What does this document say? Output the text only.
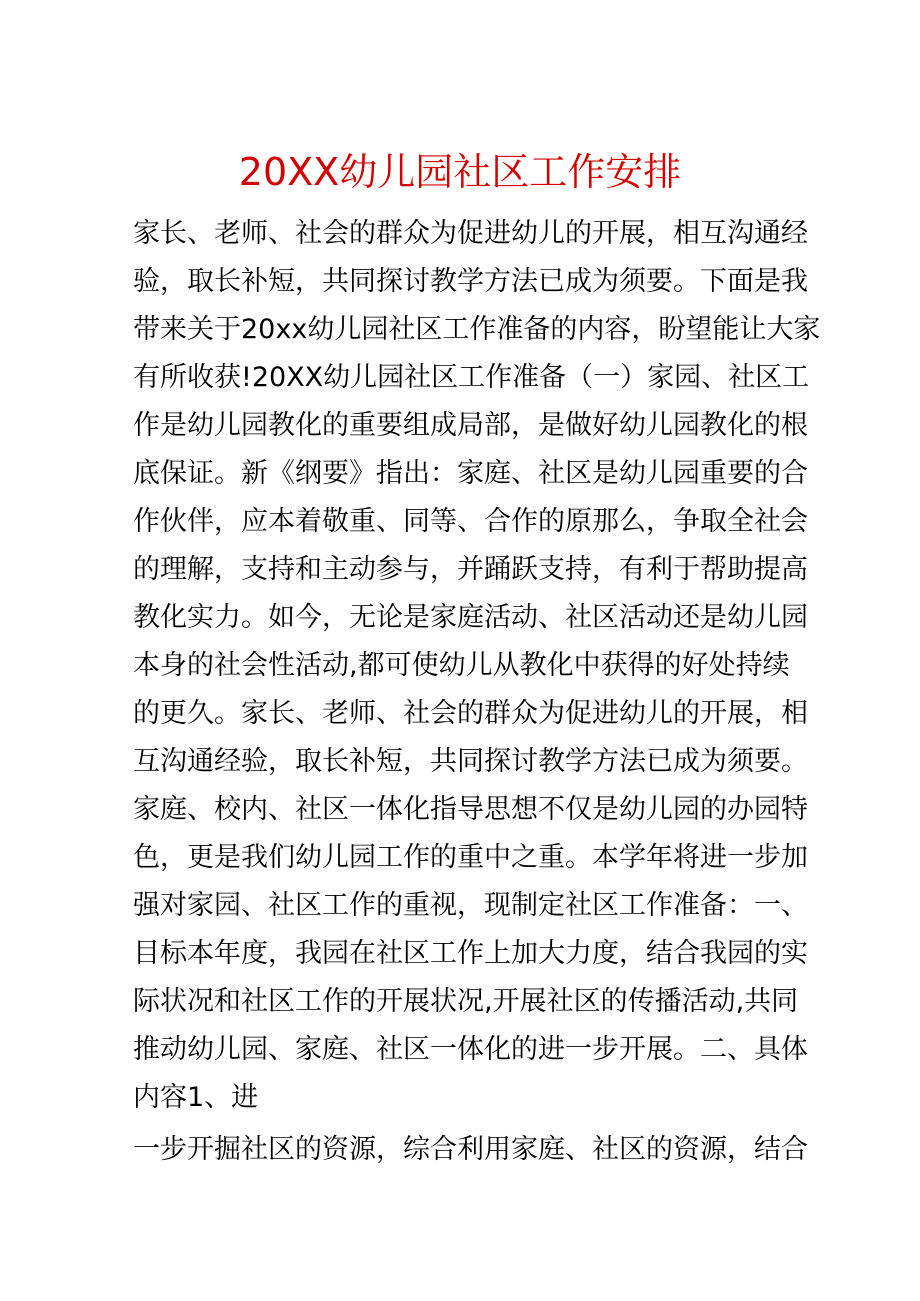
20XX幼儿园社区工作安排
家长、老师、社会的群众为促进幼儿的开展，相互沟通经
验，取长补短，共同探讨教学方法已成为须要。下面是我
带来关于20xx幼儿园社区工作准备的内容，盼望能让大家
有所收获!20XX幼儿园社区工作准备（一）家园、社区工
作是幼儿园教化的重要组成局部，是做好幼儿园教化的根
底保证。新《纲要》指出：家庭、社区是幼儿园重要的合
作伙伴，应本着敬重、同等、合作的原那么，争取全社会
的理解，支持和主动参与，并踊跃支持，有利于帮助提高
教化实力。如今，无论是家庭活动、社区活动还是幼儿园
本身的社会性活动,都可使幼儿从教化中获得的好处持续
的更久。家长、老师、社会的群众为促进幼儿的开展，相
互沟通经验，取长补短，共同探讨教学方法已成为须要。
家庭、校内、社区一体化指导思想不仅是幼儿园的办园特
色，更是我们幼儿园工作的重中之重。本学年将进一步加
强对家园、社区工作的重视，现制定社区工作准备：一、
目标本年度，我园在社区工作上加大力度，结合我园的实
际状况和社区工作的开展状况,开展社区的传播活动,共同
推动幼儿园、家庭、社区一体化的进一步开展。二、具体
内容1、进
一步开掘社区的资源，综合利用家庭、社区的资源，结合
